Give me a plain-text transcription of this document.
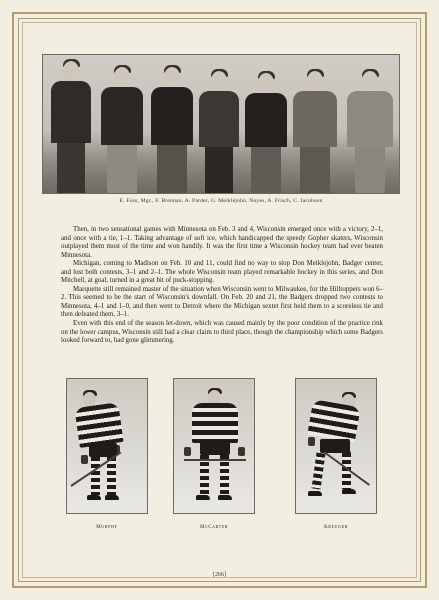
E. Foss, Mgr., F. Brennan, A. Parder, G. Meiklejohn, Noyes, A. Frisch, C. Jacobson

Then, in two sensational games with Minnesota on Feb. 3 and 4, Wisconsin emerged once with a victory, 2–1, and once with a tie, 1–1. Taking advantage of soft ice, which handicapped the speedy Gopher skaters, Wisconsin outplayed them most of the time and won handily. It was the first time a Wisconsin hockey team had ever beaten Minnesota.

Michigan, coming to Madison on Feb. 10 and 11, could find no way to stop Don Meiklejohn, Badger center, and lost both contests, 3–1 and 2–1. The whole Wisconsin team played remarkable hockey in this series, and Don Mitchell, at goal, turned in a great bit of puck-stopping.

Marquette still remained master of the situation when Wisconsin went to Milwaukee, for the Hilltoppers won 6–2. This seemed to be the start of Wisconsin's downfall. On Feb. 20 and 21, the Badgers dropped two contests to Minnesota, 4–1 and 1–0, and then went to Detroit where the Michigan sextet first held them to a scoreless tie and then defeated them, 3–1.

Even with this end of the season let-down, which was caused mainly by the poor condition of the practice rink on the lower campus, Wisconsin still had a clear claim to third place, though the championship which some Badgers looked forward to, had gone glimmering.

Murphy	McCarter	Kreuger
[266]
